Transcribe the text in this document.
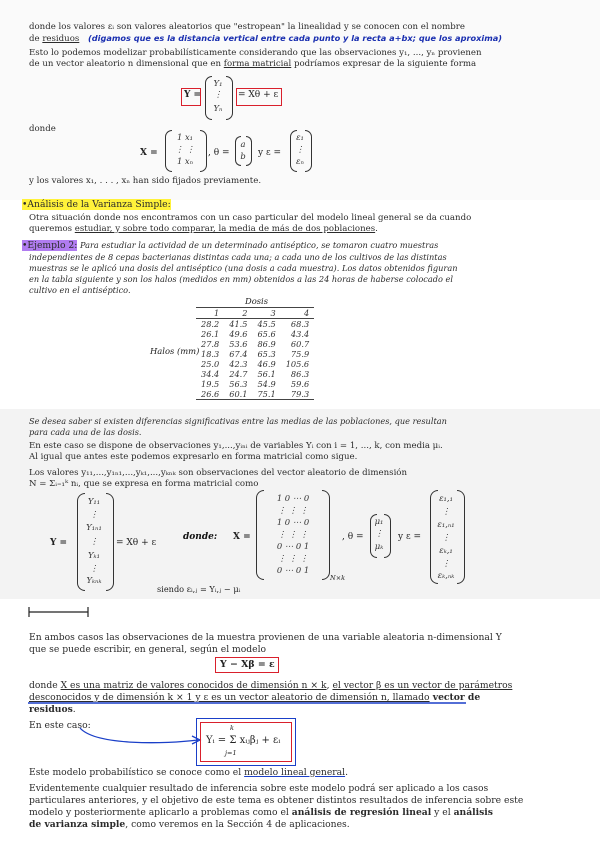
donde los valores εᵢ son valores aleatorios que "estropean" la linealidad y se conocen con el nombre
de residuos (digamos que es la distancia vertical entre cada punto y la recta a+bx; que los aproxima)
Esto lo podemos modelizar probabilísticamente considerando que las observaciones y₁, ..., yₙ provienen
de un vector aleatorio n dimensional que en forma matricial podríamos expresar de la siguiente forma
Y =
Y₁
⋮
Yₙ
= Xθ + ε
donde
X =
1 x₁
⋮ ⋮
1 xₙ
, θ =
a
b y ε =
ε₁
⋮
εₙ
y los valores x₁, . . . , xₙ han sido fijados previamente.
•Análisis de la Varianza Simple:
Otra situación donde nos encontramos con un caso particular del modelo lineal general se da cuando
queremos estudiar, y sobre todo comparar, la media de más de dos poblaciones.
•Ejemplo 2: Para estudiar la actividad de un determinado antiséptico, se tomaron cuatro muestras
independientes de 8 cepas bacterianas distintas cada una; a cada uno de los cultivos de las distintas
muestras se le aplicó una dosis del antiséptico (una dosis a cada muestra). Los datos obtenidos figuran
en la tabla siguiente y son los halos (medidos en mm) obtenidos a las 24 horas de haberse colocado el
cultivo en el antiséptico.
Dosis
Halos (mm)
1	2	3	4
28.2	41.5	45.5	68.3
26.1	49.6	65.6	43.4
27.8	53.6	86.9	60.7
18.3	67.4	65.3	75.9
25.0	42.3	46.9	105.6
34.4	24.7	56.1	86.3
19.5	56.3	54.9	59.6
26.6	60.1	75.1	79.3
Se desea saber si existen diferencias significativas entre las medias de las poblaciones, que resultan
para cada una de las dosis.
En este caso se dispone de observaciones y₁,...,yᵢₙᵢ de variables Yᵢ con i = 1, ..., k, con media μᵢ.
Al igual que antes este podemos expresarlo en forma matricial como sigue.
Los valores y₁₁,...,y₁ₙ₁,...,yₖ₁,...,yₖₙₖ son observaciones del vector aleatorio de dimensión
N = Σᵢ₌₁ᵏ nᵢ, que se expresa en forma matricial como
Y =
Y₁₁
⋮
Y₁ₙ₁
⋮
Yₖ₁
⋮
Yₖₙₖ
= Xθ + ε
donde: X =
1 0 ⋯ 0
⋮ ⋮ ⋮
1 0 ⋯ 0
⋮ ⋮ ⋮
0 ⋯ 0 1
⋮ ⋮ ⋮
0 ⋯ 0 1
N×k
, θ =
μ₁
⋮
μₖ
y ε =
ε₁,₁
⋮
ε₁,ₙ₁
⋮
εₖ,₁
⋮
εₖ,ₙₖ
siendo εᵢ,ⱼ = Yᵢ,ⱼ − μᵢ
En ambos casos las observaciones de la muestra provienen de una variable aleatoria n-dimensional Y
que se puede escribir, en general, según el modelo
Y − Xβ = ε
donde X es una matriz de valores conocidos de dimensión n × k, el vector β es un vector de parámetros
desconocidos y de dimensión k × 1 y ε es un vector aleatorio de dimensión n, llamado vector de
residuos.
En este caso:	k
Yᵢ = Σ xᵢⱼβⱼ + εᵢ
j=1
Este modelo probabilístico se conoce como el modelo lineal general.
Evidentemente cualquier resultado de inferencia sobre este modelo podrá ser aplicado a los casos
particulares anteriores, y el objetivo de este tema es obtener distintos resultados de inferencia sobre este
modelo y posteriormente aplicarlo a problemas como el análisis de regresión lineal y el análisis
de varianza simple, como veremos en la Sección 4 de aplicaciones.
